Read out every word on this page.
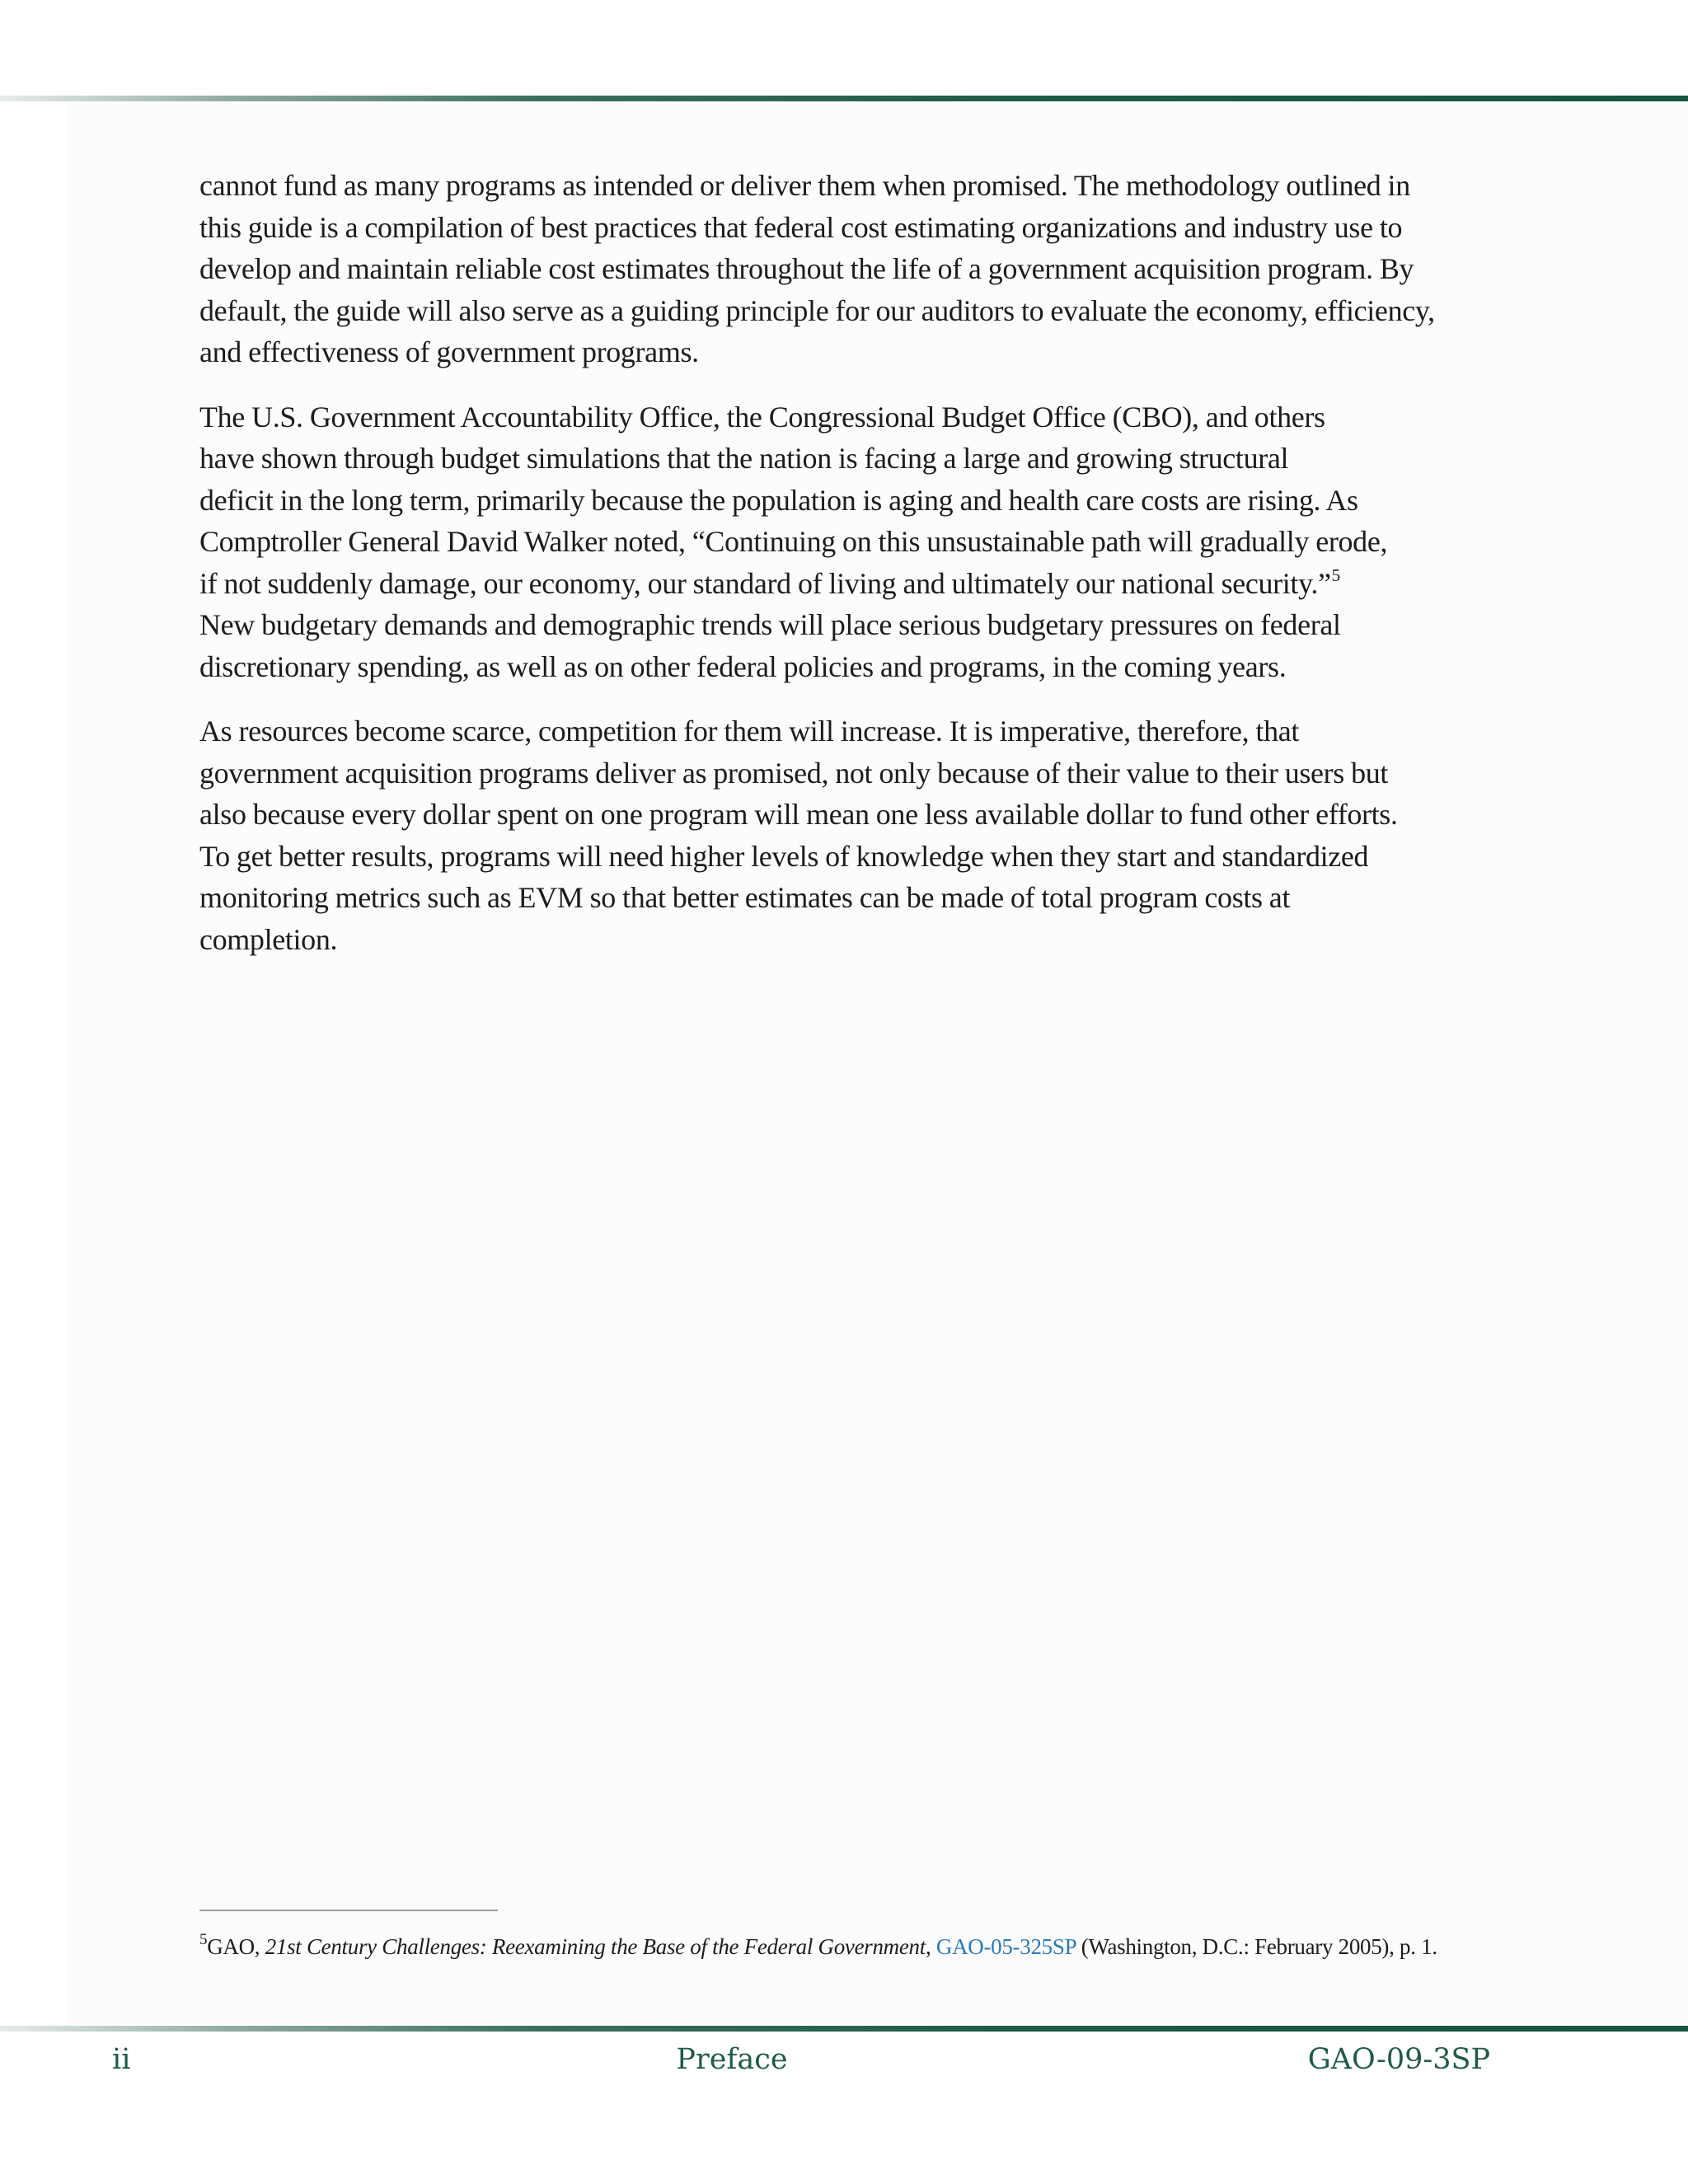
cannot fund as many programs as intended or deliver them when promised. The methodology outlined in
this guide is a compilation of best practices that federal cost estimating organizations and industry use to
develop and maintain reliable cost estimates throughout the life of a government acquisition program. By
default, the guide will also serve as a guiding principle for our auditors to evaluate the economy, efficiency,
and effectiveness of government programs.

The U.S. Government Accountability Office, the Congressional Budget Office (CBO), and others
have shown through budget simulations that the nation is facing a large and growing structural
deficit in the long term, primarily because the population is aging and health care costs are rising. As
Comptroller General David Walker noted, “Continuing on this unsustainable path will gradually erode,
if not suddenly damage, our economy, our standard of living and ultimately our national security.”$^5$
New budgetary demands and demographic trends will place serious budgetary pressures on federal
discretionary spending, as well as on other federal policies and programs, in the coming years.

As resources become scarce, competition for them will increase. It is imperative, therefore, that
government acquisition programs deliver as promised, not only because of their value to their users but
also because every dollar spent on one program will mean one less available dollar to fund other efforts.
To get better results, programs will need higher levels of knowledge when they start and standardized
monitoring metrics such as EVM so that better estimates can be made of total program costs at
completion.

$^5$GAO, 21st Century Challenges: Reexamining the Base of the Federal Government, GAO-05-325SP (Washington, D.C.: February 2005), p. 1.
ii	Preface	GAO-09-3SP
